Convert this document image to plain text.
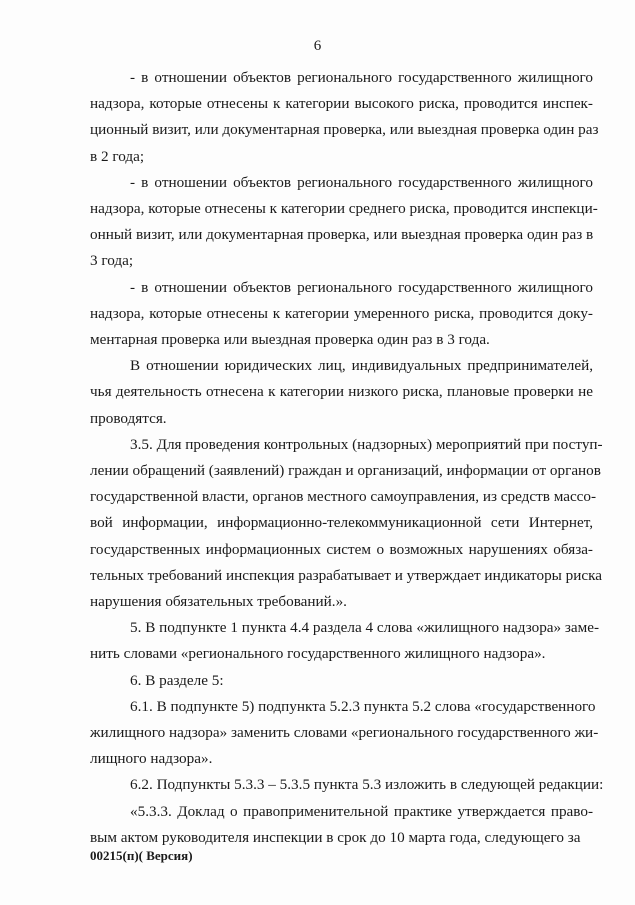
6

- в отношении объектов регионального государственного жилищного
надзора, которые отнесены к категории высокого риска, проводится инспек-
ционный визит, или документарная проверка, или выездная проверка один раз
в 2 года;

- в отношении объектов регионального государственного жилищного
надзора, которые отнесены к категории среднего риска, проводится инспекци-
онный визит, или документарная проверка, или выездная проверка один раз в
3 года;

- в отношении объектов регионального государственного жилищного
надзора, которые отнесены к категории умеренного риска, проводится доку-
ментарная проверка или выездная проверка один раз в 3 года.

В отношении юридических лиц, индивидуальных предпринимателей,
чья деятельность отнесена к категории низкого риска, плановые проверки не
проводятся.

3.5. Для проведения контрольных (надзорных) мероприятий при поступ-
лении обращений (заявлений) граждан и организаций, информации от органов
государственной власти, органов местного самоуправления, из средств массо-
вой информации, информационно-телекоммуникационной сети Интернет,
государственных информационных систем о возможных нарушениях обяза-
тельных требований инспекция разрабатывает и утверждает индикаторы риска
нарушения обязательных требований.».

5. В подпункте 1 пункта 4.4 раздела 4 слова «жилищного надзора» заме-
нить словами «регионального государственного жилищного надзора».

6. В разделе 5:

6.1. В подпункте 5) подпункта 5.2.3 пункта 5.2 слова «государственного
жилищного надзора» заменить словами «регионального государственного жи-
лищного надзора».

6.2. Подпункты 5.3.3 – 5.3.5 пункта 5.3 изложить в следующей редакции:

«5.3.3. Доклад о правоприменительной практике утверждается право-
вым актом руководителя инспекции в срок до 10 марта года, следующего за

00215(п)( Версия)
